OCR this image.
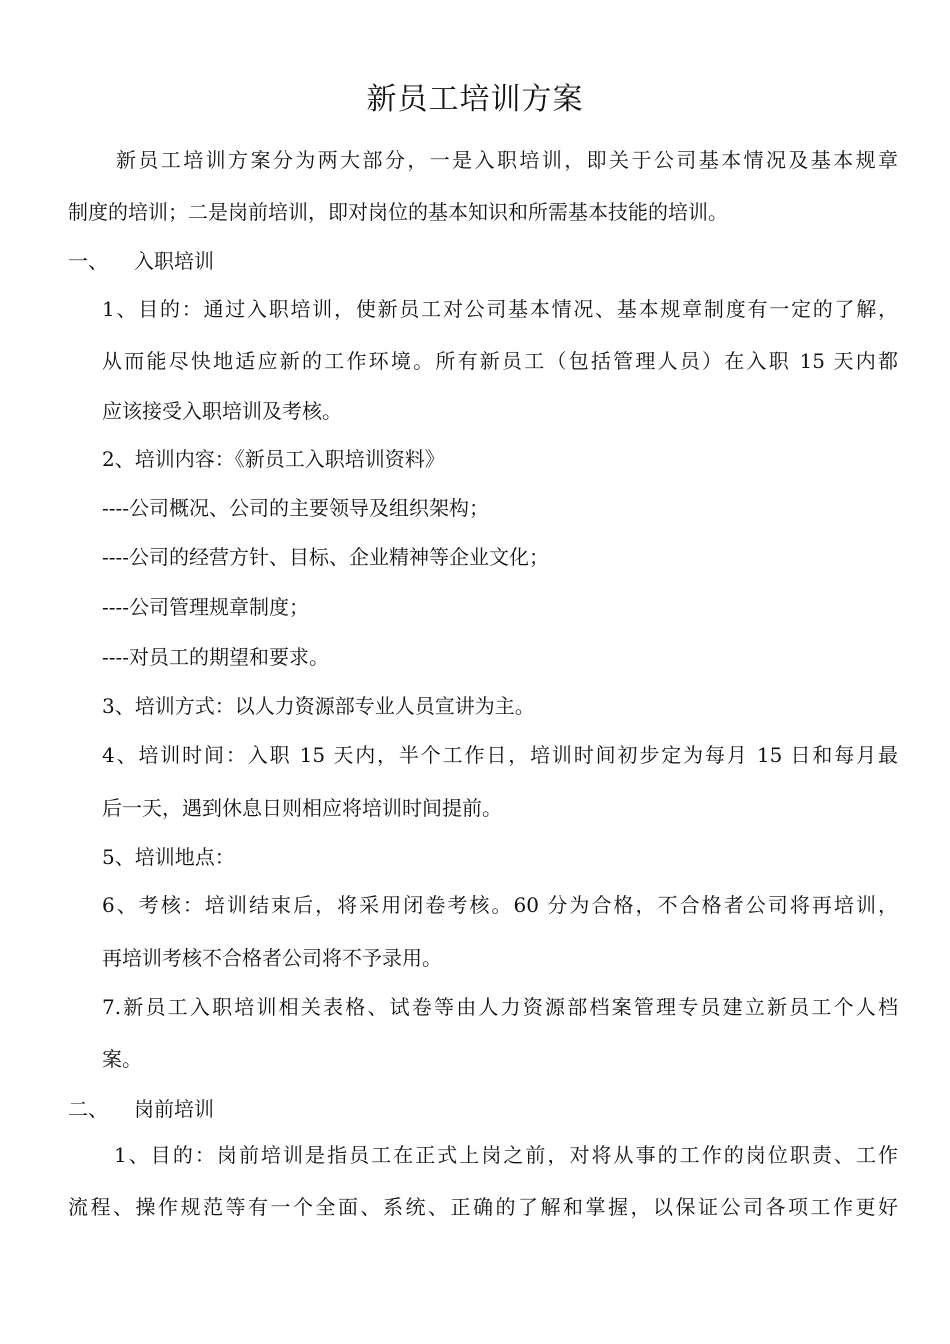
新员工培训方案
新员工培训方案分为两大部分，一是入职培训，即关于公司基本情况及基本规章
制度的培训；二是岗前培训，即对岗位的基本知识和所需基本技能的培训。
一、 入职培训
1、目的：通过入职培训，使新员工对公司基本情况、基本规章制度有一定的了解，
从而能尽快地适应新的工作环境。所有新员工（包括管理人员）在入职 15 天内都
应该接受入职培训及考核。
2、培训内容：《新员工入职培训资料》
----公司概况、公司的主要领导及组织架构；
----公司的经营方针、目标、企业精神等企业文化；
----公司管理规章制度；
----对员工的期望和要求。
3、培训方式：以人力资源部专业人员宣讲为主。
4、培训时间：入职 15 天内，半个工作日，培训时间初步定为每月 15 日和每月最
后一天，遇到休息日则相应将培训时间提前。
5、培训地点：
6、考核：培训结束后，将采用闭卷考核。60 分为合格，不合格者公司将再培训，
再培训考核不合格者公司将不予录用。
7.新员工入职培训相关表格、试卷等由人力资源部档案管理专员建立新员工个人档
案。
二、 岗前培训
1、目的：岗前培训是指员工在正式上岗之前，对将从事的工作的岗位职责、工作
流程、操作规范等有一个全面、系统、正确的了解和掌握，以保证公司各项工作更好
